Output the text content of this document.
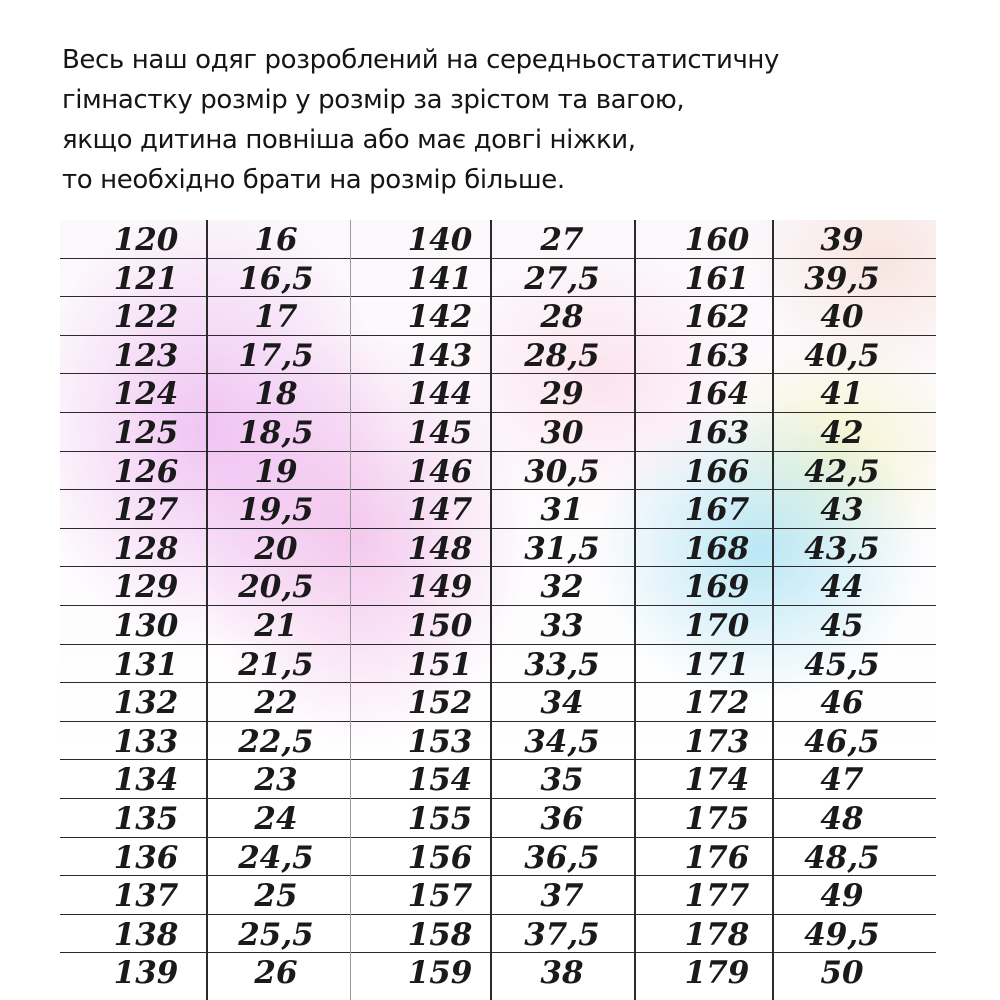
Весь наш одяг розроблений на середньостатистичну
гімнастку розмір у розмір за зрістом та вагою,
якщо дитина повніша або має довгі ніжки,
то необхідно брати на розмір більше.
120	16	140	27	160	39
121	16,5	141	27,5	161	39,5
122	17	142	28	162	40
123	17,5	143	28,5	163	40,5
124	18	144	29	164	41
125	18,5	145	30	163	42
126	19	146	30,5	166	42,5
127	19,5	147	31	167	43
128	20	148	31,5	168	43,5
129	20,5	149	32	169	44
130	21	150	33	170	45
131	21,5	151	33,5	171	45,5
132	22	152	34	172	46
133	22,5	153	34,5	173	46,5
134	23	154	35	174	47
135	24	155	36	175	48
136	24,5	156	36,5	176	48,5
137	25	157	37	177	49
138	25,5	158	37,5	178	49,5
139	26	159	38	179	50
